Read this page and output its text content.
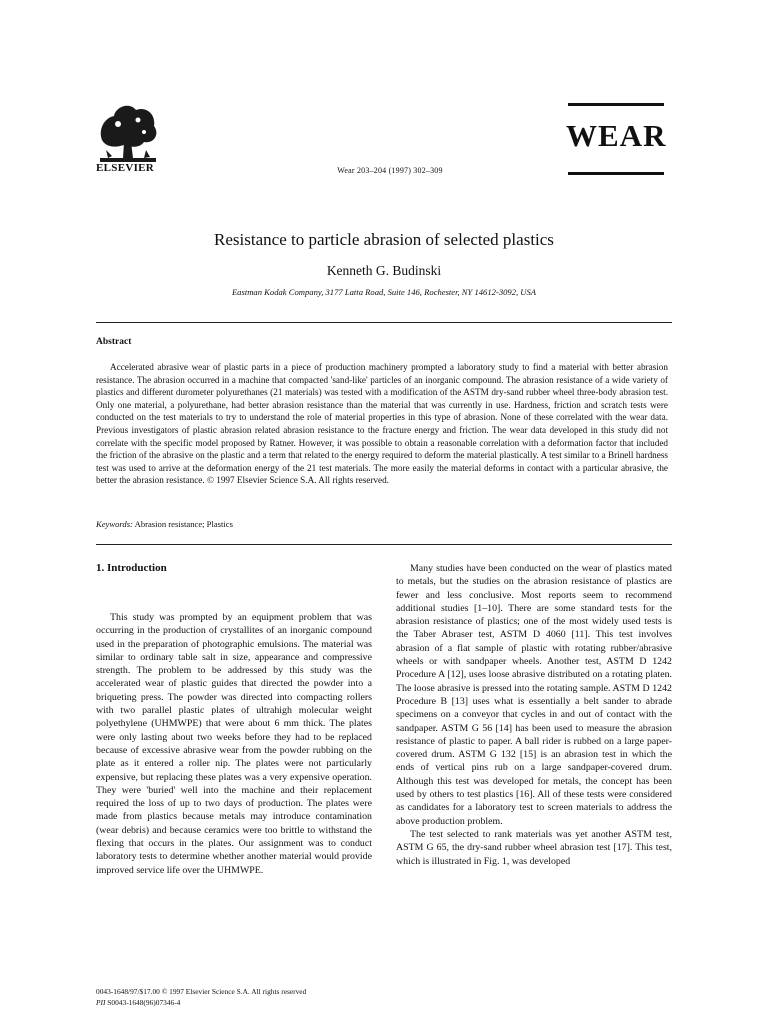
ELSEVIER	Wear 203–204 (1997) 302–309
WEAR
Resistance to particle abrasion of selected plastics
Kenneth G. Budinski
Eastman Kodak Company, 3177 Latta Road, Suite 146, Rochester, NY 14612-3092, USA
Abstract
Accelerated abrasive wear of plastic parts in a piece of production machinery prompted a laboratory study to find a material with better abrasion resistance. The abrasion occurred in a machine that compacted 'sand-like' particles of an inorganic compound. The abrasion resistance of a wide variety of plastics and different durometer polyurethanes (21 materials) was tested with a modification of the ASTM dry-sand rubber wheel three-body abrasion test. Only one material, a polyurethane, had better abrasion resistance than the material that was currently in use. Hardness, friction and scratch tests were conducted on the test materials to try to understand the role of material properties in this type of abrasion. None of these correlated with the wear data. Previous investigators of plastic abrasion related abrasion resistance to the fracture energy and friction. The wear data developed in this study did not correlate with the specific model proposed by Ratner. However, it was possible to obtain a reasonable correlation with a deformation factor that included the friction of the abrasive on the plastic and a term that related to the energy required to deform the material plastically. A test similar to a Brinell hardness test was used to arrive at the deformation energy of the 21 test materials. The more easily the material deforms in contact with a particular abrasive, the better the abrasion resistance. © 1997 Elsevier Science S.A. All rights reserved.
Keywords: Abrasion resistance; Plastics
1. Introduction

This study was prompted by an equipment problem that was occurring in the production of crystallites of an inorganic compound used in the preparation of photographic emulsions. The material was similar to ordinary table salt in size, appearance and compressive strength. The problem to be addressed by this study was the accelerated wear of plastic guides that directed the powder into a briqueting press. The powder was directed into compacting rollers with two parallel plastic plates of ultrahigh molecular weight polyethylene (UHMWPE) that were about 6 mm thick. The plates were only lasting about two weeks before they had to be replaced because of excessive abrasive wear from the powder rubbing on the plate as it entered a roller nip. The plates were not particularly expensive, but replacing these plates was a very expensive operation. They were 'buried' well into the machine and their replacement required the loss of up to two days of production. The plates were made from plastics because metals may introduce contamination (wear debris) and because ceramics were too brittle to withstand the flexing that occurs in the plates. Our assignment was to conduct laboratory tests to determine whether another material would provide improved service life over the UHMWPE.

Many studies have been conducted on the wear of plastics mated to metals, but the studies on the abrasion resistance of plastics are fewer and less conclusive. Most reports seem to recommend additional studies [1–10]. There are some standard tests for the abrasion resistance of plastics; one of the most widely used tests is the Taber Abraser test, ASTM D 4060 [11]. This test involves abrasion of a flat sample of plastic with rotating rubber/abrasive wheels or with sandpaper wheels. Another test, ASTM D 1242 Procedure A [12], uses loose abrasive distributed on a rotating platen. The loose abrasive is pressed into the rotating sample. ASTM D 1242 Procedure B [13] uses what is essentially a belt sander to abrade specimens on a conveyor that cycles in and out of contact with the sandpaper. ASTM G 56 [14] has been used to measure the abrasion resistance of plastic to paper. A ball rider is rubbed on a large paper-covered drum. ASTM G 132 [15] is an abrasion test in which the ends of vertical pins rub on a large sandpaper-covered drum. Although this test was developed for metals, the concept has been used by others to test plastics [16]. All of these tests were considered as candidates for a laboratory test to screen materials to address the above production problem.

The test selected to rank materials was yet another ASTM test, ASTM G 65, the dry-sand rubber wheel abrasion test [17]. This test, which is illustrated in Fig. 1, was developed

0043-1648/97/$17.00 © 1997 Elsevier Science S.A. All rights reserved
PII S0043-1648(96)07346-4
